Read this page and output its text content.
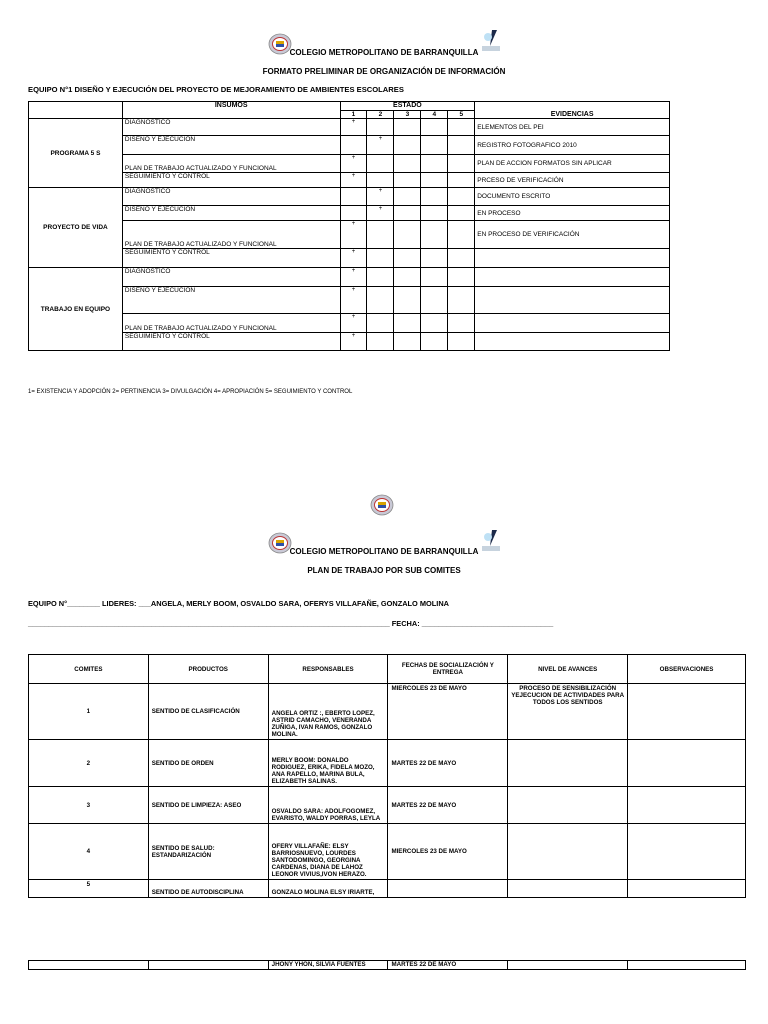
COLEGIO METROPOLITANO DE BARRANQUILLA
FORMATO PRELIMINAR DE ORGANIZACIÓN DE INFORMACIÓN
EQUIPO N°1 DISEÑO Y EJECUCIÓN DEL PROYECTO DE MEJORAMIENTO DE AMBIENTES ESCOLARES
	INSUMOS	ESTADO					EVIDENCIAS
		1	2	3	4	5	
PROGRAMA 5 S	DIAGNOSTICO	+					ELEMENTOS DEL PEI
	DISEÑO Y EJECUCIÓN		+				REGISTRO FOTOGRAFICO 2010
	PLAN DE TRABAJO ACTUALIZADO Y FUNCIONAL	+					PLAN DE ACCION FORMATOS SIN APLICAR
	SEGUIMIENTO Y CONTROL	+					PRCESO DE VERIFICACIÓN
PROYECTO DE VIDA	DIAGNOSTICO		+				DOCUMENTO ESCRITO
	DISEÑO Y EJECUCIÓN		+				EN PROCESO
	PLAN DE TRABAJO ACTUALIZADO Y FUNCIONAL	+					EN PROCESO DE VERIFICACIÓN
	SEGUIMIENTO Y CONTROL	+					
TRABAJO EN EQUIPO	DIAGNOSTICO	+					
	DISEÑO Y EJECUCIÓN	+					
	PLAN DE TRABAJO ACTUALIZADO Y FUNCIONAL	+					
	SEGUIMIENTO Y CONTROL	+					
1= EXISTENCIA Y ADOPCIÓN 2= PERTINENCIA 3= DIVULGACIÓN 4= APROPIACIÓN 5= SEGUIMIENTO Y CONTROL
COLEGIO METROPOLITANO DE BARRANQUILLA
PLAN DE TRABAJO POR SUB COMITES
EQUIPO N°________ LIDERES: ___ANGELA, MERLY BOOM, OSVALDO SARA, OFERYS VILLAFAÑE, GONZALO MOLINA
________________________________________________________________________________________ FECHA: ________________________________
COMITES	PRODUCTOS	RESPONSABLES	FECHAS DE SOCIALIZACIÓN Y ENTREGA	NIVEL DE AVANCES	OBSERVACIONES
1	SENTIDO DE CLASIFICACIÓN	ANGELA ORTIZ :, EBERTO LOPEZ, ASTRID CAMACHO, VENERANDA ZUÑIGA, IVAN RAMOS, GONZALO MOLINA.	MIERCOLES 23 DE MAYO	PROCESO DE SENSIBILIZACIÓN YEJECUCION DE ACTIVIDADES PARA TODOS LOS SENTIDOS	
2	SENTIDO DE ORDEN	MERLY BOOM: DONALDO RODIGUEZ, ERIKA, FIDELA MOZO, ANA RAPELLO, MARINA BULA, ELIZABETH SALINAS.	MARTES 22 DE MAYO		
3	SENTIDO DE LIMPIEZA: ASEO	OSVALDO SARA: ADOLFOGOMEZ, EVARISTO, WALDY PORRAS, LEYLA	MARTES 22 DE MAYO		
4	SENTIDO DE SALUD: ESTANDARIZACIÓN	OFERY VILLAFAÑE: ELSY BARRIOSNUEVO, LOURDES SANTODOMINGO, GEORGINA CARDENAS, DIANA DE LAHOZ LEONOR VIVIUS,IVON HERAZO.	MIERCOLES 23 DE MAYO		
5	SENTIDO DE AUTODISCIPLINA	GONZALO MOLINA ELSY IRIARTE,			
		JHONY YHON, SILVIA FUENTES	MARTES 22 DE MAYO		
